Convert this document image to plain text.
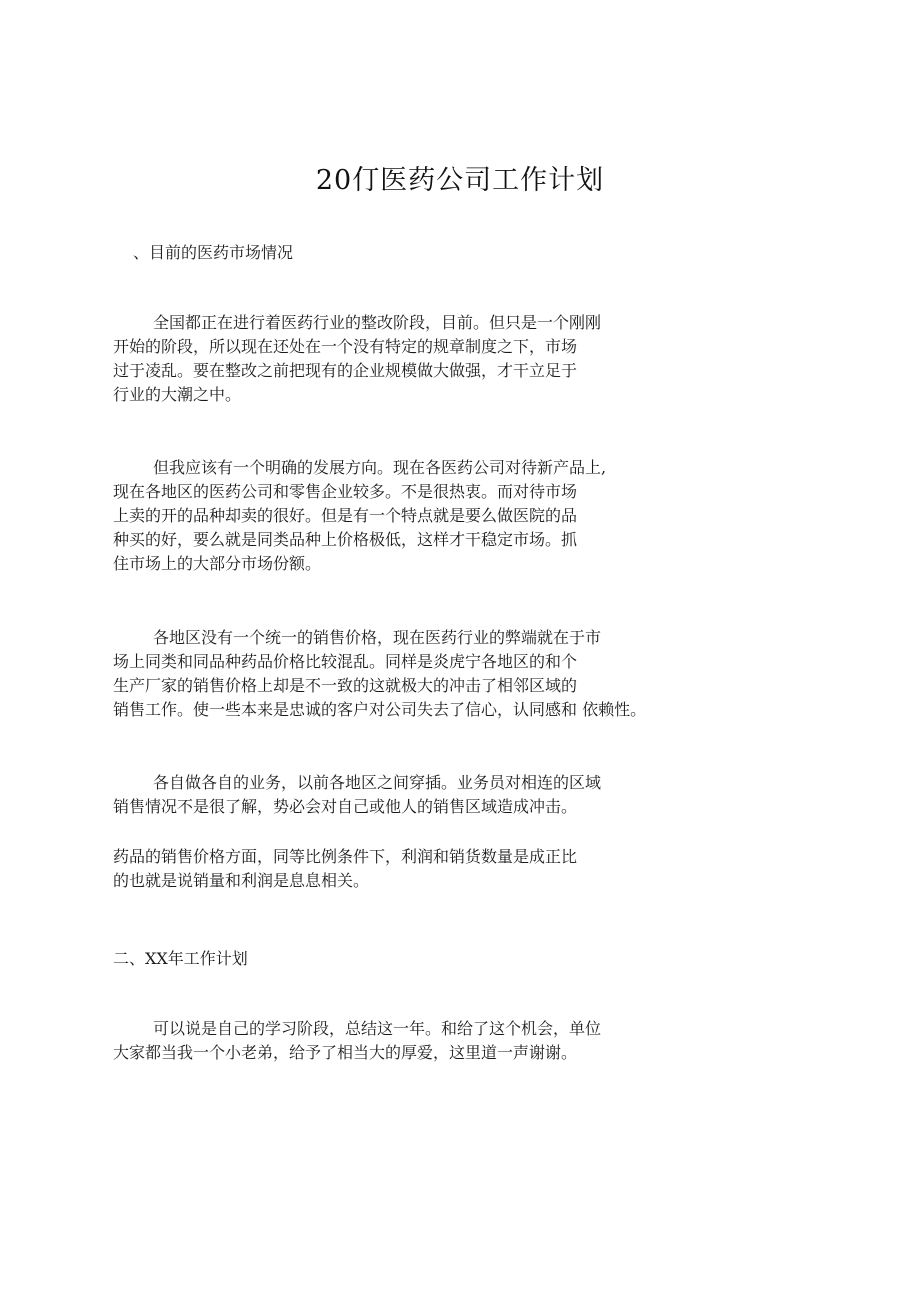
20仃医药公司工作计划
、目前的医药市场情况
全国都正在进行着医药行业的整改阶段，目前。但只是一个刚刚
开始的阶段，所以现在还处在一个没有特定的规章制度之下，市场
过于凌乱。要在整改之前把现有的企业规模做大做强，才干立足于
行业的大潮之中。
但我应该有一个明确的发展方向。现在各医药公司对待新产品上,
现在各地区的医药公司和零售企业较多。不是很热衷。而对待市场
上卖的开的品种却卖的很好。但是有一个特点就是要么做医院的品
种买的好，要么就是同类品种上价格极低，这样才干稳定市场。抓
住市场上的大部分市场份额。
各地区没有一个统一的销售价格，现在医药行业的弊端就在于市
场上同类和同品种药品价格比较混乱。同样是炎虎宁各地区的和个
生产厂家的销售价格上却是不一致的这就极大的冲击了相邻区域的
销售工作。使一些本来是忠诚的客户对公司失去了信心，认同感和 依赖性。
各自做各自的业务，以前各地区之间穿插。业务员对相连的区域
销售情况不是很了解，势必会对自己或他人的销售区域造成冲击。
药品的销售价格方面，同等比例条件下，利润和销货数量是成正比
的也就是说销量和利润是息息相关。
二、XX年工作计划
可以说是自己的学习阶段，总结这一年。和给了这个机会，单位
大家都当我一个小老弟，给予了相当大的厚爱，这里道一声谢谢。
